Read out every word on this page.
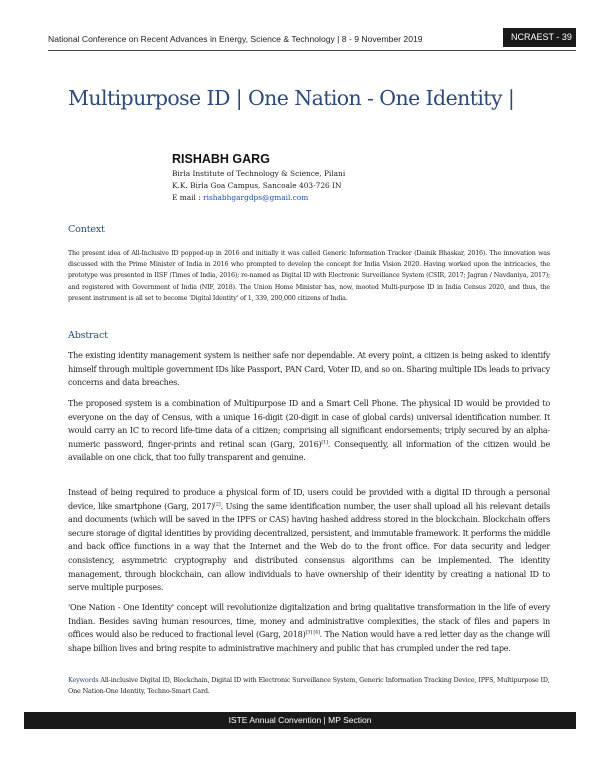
National Conference on Recent Advances in Energy, Science & Technology | 8 - 9 November 2019	NCRAEST - 39
Multipurpose ID | One Nation - One Identity |
RISHABH GARG
Birla Institute of Technology & Science, Pilani
K.K. Birla Goa Campus, Sancoale 403-726 IN
E mail : rishabhgargdps@gmail.com
Context
The present idea of All-Inclusive ID popped-up in 2016 and initially it was called Generic Information Tracker (Dainik Bhaskar, 2016). The innovation was discussed with the Prime Minister of India in 2016 who prompted to develop the concept for India Vision 2020. Having worked upon the intricacies, the prototype was presented in IISF (Times of India, 2016); re-named as Digital ID with Electronic Surveillance System (CSIR, 2017; Jagran / Navdaniya, 2017); and registered with Government of India (NIF, 2018). The Union Home Minister has, now, mooted Multi-purpose ID in India Census 2020, and thus, the present instrument is all set to become 'Digital Identity' of 1, 339, 200,000 citizens of India.
Abstract
The existing identity management system is neither safe nor dependable. At every point, a citizen is being asked to identify himself through multiple government IDs like Passport, PAN Card, Voter ID, and so on. Sharing multiple IDs leads to privacy concerns and data breaches.
The proposed system is a combination of Multipurpose ID and a Smart Cell Phone. The physical ID would be provided to everyone on the day of Census, with a unique 16-digit (20-digit in case of global cards) universal identification number. It would carry an IC to record life-time data of a citizen; comprising all significant endorsements; triply secured by an alpha-numeric password, finger-prints and retinal scan (Garg, 2016)[1]. Consequently, all information of the citizen would be available on one click, that too fully transparent and genuine.
Instead of being required to produce a physical form of ID, users could be provided with a digital ID through a personal device, like smartphone (Garg, 2017)[2]. Using the same identification number, the user shall upload all his relevant details and documents (which will be saved in the IPFS or CAS) having hashed address stored in the blockchain. Blockchain offers secure storage of digital identities by providing decentralized, persistent, and immutable framework. It performs the middle and back office functions in a way that the Internet and the Web do to the front office. For data security and ledger consistency, asymmetric cryptography and distributed consensus algorithms can be implemented. The identity management, through blockchain, can allow individuals to have ownership of their identity by creating a national ID to serve multiple purposes.
'One Nation - One Identity' concept will revolutionize digitalization and bring qualitative transformation in the life of every Indian. Besides saving human resources, time, money and administrative complexities, the stack of files and papers in offices would also be reduced to fractional level (Garg, 2018)[3] [4]. The Nation would have a red letter day as the change will shape billion lives and bring respite to administrative machinery and public that has crumpled under the red tape.
Keywords All-inclusive Digital ID, Blockchain, Digital ID with Electronic Surveillance System, Generic Information Tracking Device, IPFS, Multipurpose ID, One Nation-One Identity, Techno-Smart Card.
ISTE Annual Convention | MP Section
